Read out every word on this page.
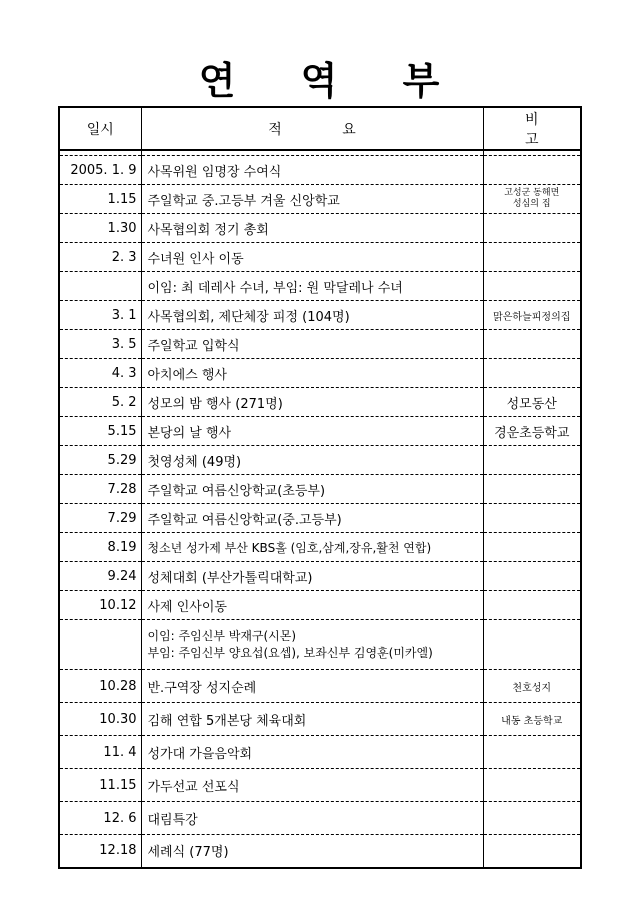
연 역 부
일시	적 요	비 고

2005. 1. 9	사목위원 임명장 수여식	
1.15	주일학교 중.고등부 겨울 신앙학교	고성군 동해면
성심의 집

1.30	사목협의회 정기 총회	
2. 3	수녀원 인사 이동	
	이임: 최 데레사 수녀, 부임: 원 막달레나 수녀	
3. 1	사목협의회, 제단체장 피정 (104명)	맑은하늘피정의집
3. 5	주일학교 입학식	
4. 3	아치에스 행사	
5. 2	성모의 밤 행사 (271명)	성모동산
5.15	본당의 날 행사	경운초등학교
5.29	첫영성체 (49명)	
7.28	주일학교 여름신앙학교(초등부)	
7.29	주일학교 여름신앙학교(중.고등부)	
8.19	청소년 성가제 부산 KBS홀 (임호,삼계,장유,활천 연합)	
9.24	성체대회 (부산가톨릭대학교)	
10.12	사제 인사이동	

	이임: 주임신부 박재구(시몬)
부임: 주임신부 양요섭(요셉), 보좌신부 김영훈(미카엘)	

10.28	반.구역장 성지순례	천호성지
10.30	김해 연합 5개본당 체육대회	내동 초등학교
11. 4	성가대 가을음악회	
11.15	가두선교 선포식	
12. 6	대림특강	
12.18	세례식 (77명)	
